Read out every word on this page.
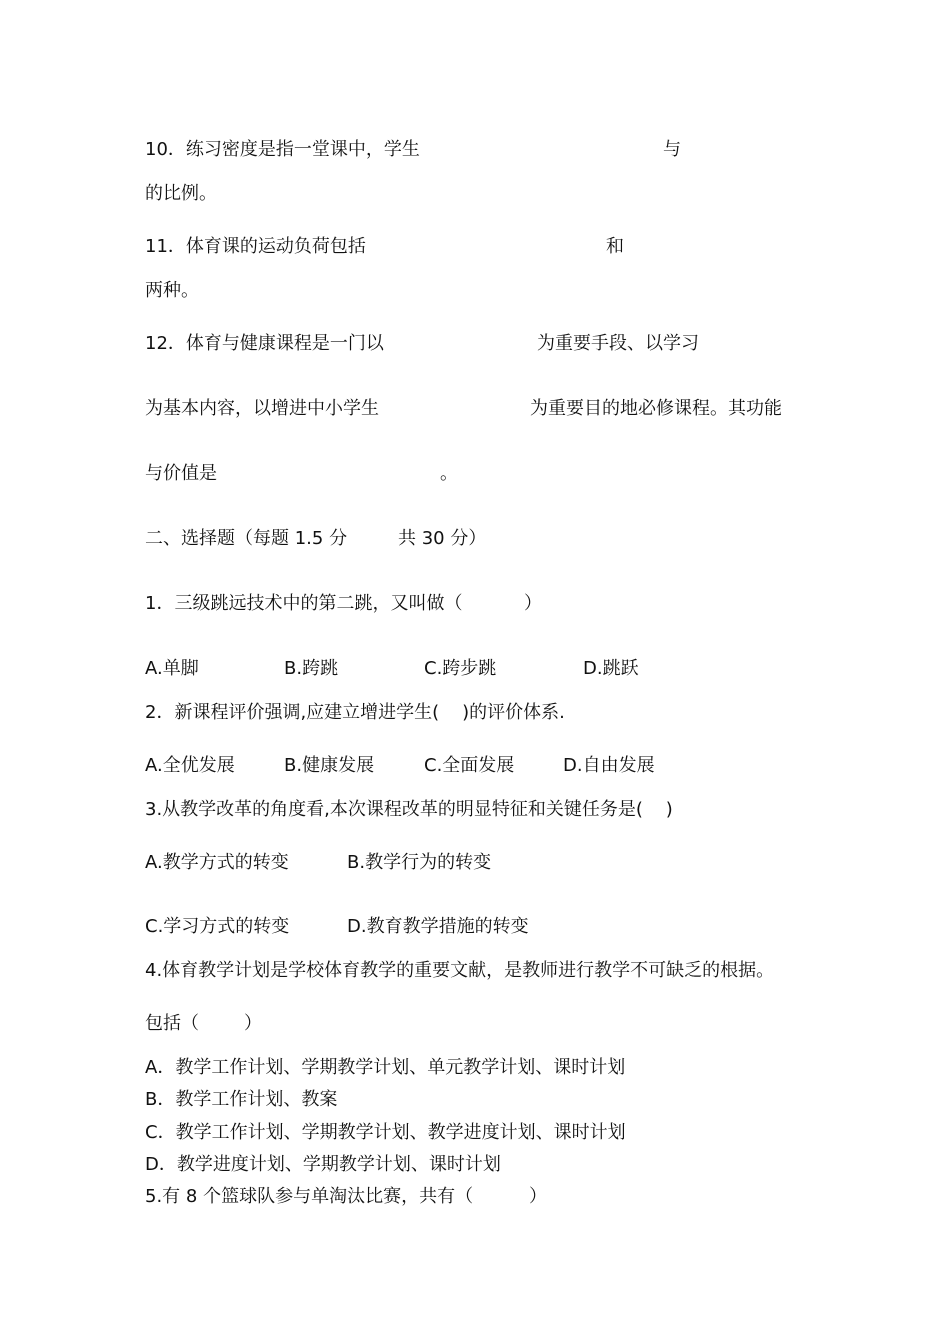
10．练习密度是指一堂课中，学生	与
的比例。
11．体育课的运动负荷包括	和
两种。
12．体育与健康课程是一门以	为重要手段、以学习
为基本内容，以增进中小学生	为重要目的地必修课程。其功能
与价值是	。
二、选择题（每题 1.5 分	共 30 分）
1．三级跳远技术中的第二跳，又叫做（	）
A.单脚	B.跨跳	C.跨步跳	D.跳跃
2．新课程评价强调,应建立增进学生(    )的评价体系.
A.全优发展	B.健康发展	C.全面发展	D.自由发展
3.从教学改革的角度看,本次课程改革的明显特征和关键任务是(    )
A.教学方式的转变	B.教学行为的转变
C.学习方式的转变	D.教育教学措施的转变
4.体育教学计划是学校体育教学的重要文献，是教师进行教学不可缺乏的根据。
包括（	）
A．教学工作计划、学期教学计划、单元教学计划、课时计划
B．教学工作计划、教案
C．教学工作计划、学期教学计划、教学进度计划、课时计划
D．教学进度计划、学期教学计划、课时计划
5.有 8 个篮球队参与单淘汰比赛，共有（	）
